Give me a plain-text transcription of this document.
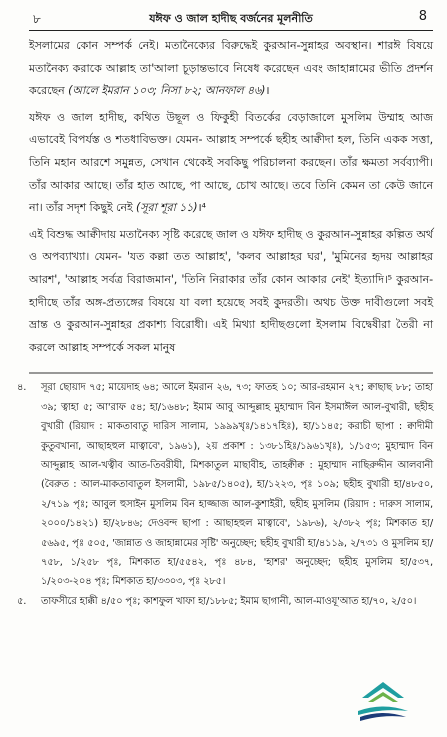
৮	যঈফ ও জাল হাদীছ বর্জনের মূলনীতি	8

ইসলামের কোন সম্পর্ক নেই। মতানৈক্যের বিরুদ্ধেই কুরআন-সুন্নাহর অবস্থান। শারঈ বিষয়ে মতানৈক্য করাকে আল্লাহ তা'আলা চূড়ান্তভাবে নিষেধ করেছেন এবং জাহান্নামের ভীতি প্রদর্শন করেছেন (আলে ইমরান ১০৩; নিসা ৮২; আনফাল ৪৬)।

যঈফ ও জাল হাদীছ, কথিত উছূল ও ফিকুহী বিতর্কের বেড়াজালে মুসলিম উম্মাহ আজ এভাবেই বিপর্যস্ত ও শতধাবিভক্ত। যেমন- আল্লাহ সম্পর্কে ছহীহ আক্বীদা হল, তিনি একক সত্তা, তিনি মহান আরশে সমুন্নত, সেখান থেকেই সবকিছু পরিচালনা করছেন। তাঁর ক্ষমতা সর্বব্যাপী। তাঁর আকার আছে। তাঁর হাত আছে, পা আছে, চোখ আছে। তবে তিনি কেমন তা কেউ জানে না। তাঁর সদৃশ কিছুই নেই (সূরা শূরা ১১)।⁴

এই বিশুদ্ধ আক্বীদায় মতানৈক্য সৃষ্টি করেছে জাল ও যঈফ হাদীছ ও কুরআন-সুন্নাহর কল্পিত অর্থ ও অপব্যাখ্যা। যেমন- 'যত কল্লা তত আল্লাহ', 'কলব আল্লাহর ঘর', 'মুমিনের হৃদয় আল্লাহর আরশ', 'আল্লাহ সর্বত্র বিরাজমান', 'তিনি নিরাকার তাঁর কোন আকার নেই' ইত্যাদি।⁵ কুরআন-হাদীছে তাঁর অঙ্গ-প্রত্যঙ্গের বিষয়ে যা বলা হয়েছে সবই কুদরতী। অথচ উক্ত দাবীগুলো সবই ভ্রান্ত ও কুরআন-সুন্নাহর প্রকাশ্য বিরোধী। এই মিথ্যা হাদীছগুলো ইসলাম বিদ্বেষীরা তৈরী না করলে আল্লাহ সম্পর্কে সকল মানুষ

৪. সূরা ছোয়াদ ৭৫; মায়েদাহ ৬৪; আলে ইমরান ২৬, ৭৩; ফাতহ ১০; আর-রহমান ২৭; ক্বাছাছ ৮৮; তাহা ৩৯; ত্বাহা ৫; আ'রাফ ৫৪; হা/১৬৪৮; ইমাম আবু আব্দুল্লাহ মুহাম্মাদ বিন ইসমাঈল আল-বুখারী, ছহীহ বুখারী (রিয়াদ : মাকতাবাতু দারিস সালাম, ১৯৯৯খৃঃ/১৪১৭হিঃ), হা/১১৪৫; করাচী ছাপা : ক্বাদীমী কুতুবখানা, আছাহহুল মাত্বাবে', ১৯৬১), ২য় প্রকাশ : ১৩৮১হিঃ/১৯৬১খৃঃ), ১/১৫৩; মুহাম্মাদ বিন আব্দুল্লাহ আল-খত্বীব আত-তিবরীযী, মিশকাতুল মাছাবীহ, তাহক্বীক্ব : মুহাম্মাদ নাছিরুদ্দীন আলবানী (বৈরুত : আল-মাকতাবাতুল ইসলামী, ১৯৮৫/১৪০৫), হা/১২২৩, পৃঃ ১০৯; ছহীহ বুখারী হা/৪৮৫০, ২/৭১৯ পৃঃ; আবুল হুসাইন মুসলিম বিন হাজ্জাজ আল-কুশাইরী, ছহীহ মুসলিম (রিয়াদ : দারুস সালাম, ২০০০/১৪২১) হা/২৮৪৬; দেওবন্দ ছাপা : আছাহহুল মাত্বাবে', ১৯৮৬), ২/৩৮২ পৃঃ; মিশকাত হা/৫৬৯৫, পৃঃ ৫০৫, 'জান্নাত ও জাহান্নামের সৃষ্টি' অনুচ্ছেদ; ছহীহ বুখারী হা/৪১১৯, ২/৭৩১ ও মুসলিম হা/৭৫৮, ১/২৫৮ পৃঃ, মিশকাত হা/৫৫৪২, পৃঃ ৪৮৪, 'হাশর' অনুচ্ছেদ; ছহীহ মুসলিম হা/৫৩৭, ১/২০৩-২০৪ পৃঃ; মিশকাত হা/৩৩০৩, পৃঃ ২৮৫।
৫. তাফসীরে হাক্কী ৪/৫০ পৃঃ; কাশফুল খাফা হা/১৮৮৫; ইমাম ছাগানী, আল-মাওযূ'আত হা/৭০, ২/৫০।
